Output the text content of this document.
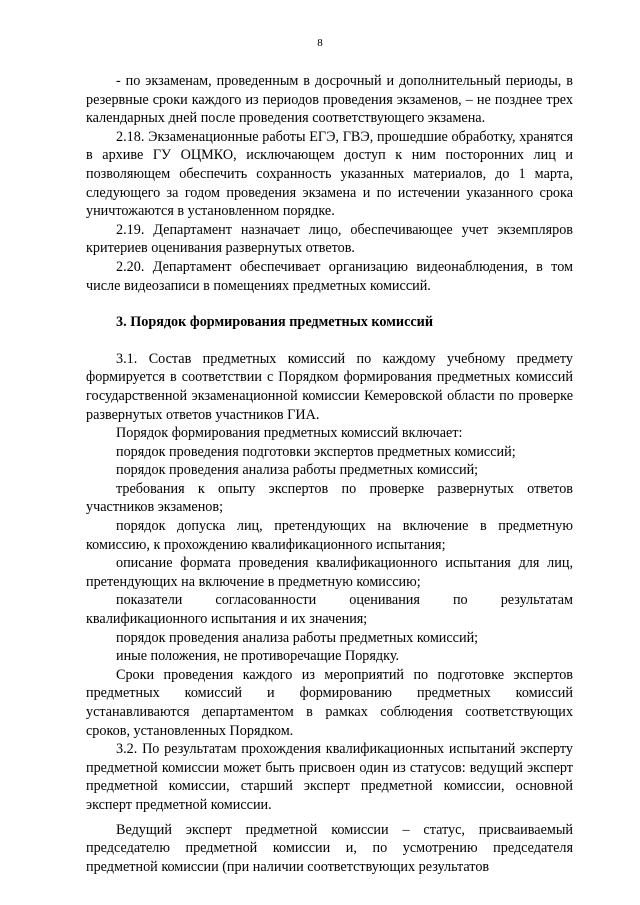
8

- по экзаменам, проведенным в досрочный и дополнительный периоды, в резервные сроки каждого из периодов проведения экзаменов, – не позднее трех календарных дней после проведения соответствующего экзамена.

2.18. Экзаменационные работы ЕГЭ, ГВЭ, прошедшие обработку, хранятся в архиве ГУ ОЦМКО, исключающем доступ к ним посторонних лиц и позволяющем обеспечить сохранность указанных материалов, до 1 марта, следующего за годом проведения экзамена и по истечении указанного срока уничтожаются в установленном порядке.

2.19. Департамент назначает лицо, обеспечивающее учет экземпляров критериев оценивания развернутых ответов.

2.20. Департамент обеспечивает организацию видеонаблюдения, в том числе видеозаписи в помещениях предметных комиссий.

3. Порядок формирования предметных комиссий

3.1. Состав предметных комиссий по каждому учебному предмету формируется в соответствии с Порядком формирования предметных комиссий государственной экзаменационной комиссии Кемеровской области по проверке развернутых ответов участников ГИА.

Порядок формирования предметных комиссий включает:

порядок проведения подготовки экспертов предметных комиссий;

порядок проведения анализа работы предметных комиссий;

требования к опыту экспертов по проверке развернутых ответов участников экзаменов;

порядок допуска лиц, претендующих на включение в предметную комиссию, к прохождению квалификационного испытания;

описание формата проведения квалификационного испытания для лиц, претендующих на включение в предметную комиссию;

показатели согласованности оценивания по результатам квалификационного испытания и их значения;

порядок проведения анализа работы предметных комиссий;

иные положения, не противоречащие Порядку.

Сроки проведения каждого из мероприятий по подготовке экспертов предметных комиссий и формированию предметных комиссий устанавливаются департаментом в рамках соблюдения соответствующих сроков, установленных Порядком.

3.2. По результатам прохождения квалификационных испытаний эксперту предметной комиссии может быть присвоен один из статусов: ведущий эксперт предметной комиссии, старший эксперт предметной комиссии, основной эксперт предметной комиссии.

Ведущий эксперт предметной комиссии – статус, присваиваемый председателю предметной комиссии и, по усмотрению председателя предметной комиссии (при наличии соответствующих результатов
